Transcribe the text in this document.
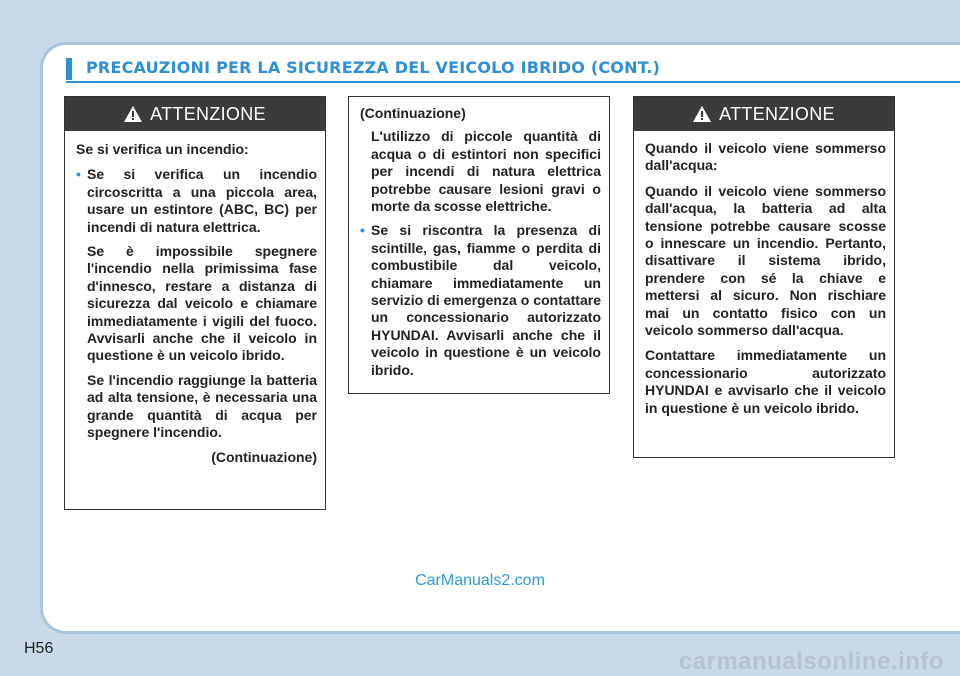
PRECAUZIONI PER LA SICUREZZA DEL VEICOLO IBRIDO (CONT.)
ATTENZIONE

Se si verifica un incendio:

• Se si verifica un incendio circoscritta a una piccola area, usare un estintore (ABC, BC) per incendi di natura elettrica.
Se è impossibile spegnere l'incendio nella primissima fase d'innesco, restare a distanza di sicurezza dal veicolo e chiamare immediatamente i vigili del fuoco. Avvisarli anche che il veicolo in questione è un veicolo ibrido.
Se l'incendio raggiunge la batteria ad alta tensione, è necessaria una grande quantità di acqua per spegnere l'incendio.
(Continuazione)

(Continuazione)

L'utilizzo di piccole quantità di acqua o di estintori non specifici per incendi di natura elettrica potrebbe causare lesioni gravi o morte da scosse elettriche.
• Se si riscontra la presenza di scintille, gas, fiamme o perdita di combustibile dal veicolo, chiamare immediatamente un servizio di emergenza o contattare un concessionario autorizzato HYUNDAI. Avvisarli anche che il veicolo in questione è un veicolo ibrido.
ATTENZIONE

Quando il veicolo viene sommerso dall'acqua:

Quando il veicolo viene sommerso dall'acqua, la batteria ad alta tensione potrebbe causare scosse o innescare un incendio. Pertanto, disattivare il sistema ibrido, prendere con sé la chiave e mettersi al sicuro. Non rischiare mai un contatto fisico con un veicolo sommerso dall'acqua.

Contattare immediatamente un concessionario autorizzato HYUNDAI e avvisarlo che il veicolo in questione è un veicolo ibrido.

CarManuals2.com
H56	carmanualsonline.info
